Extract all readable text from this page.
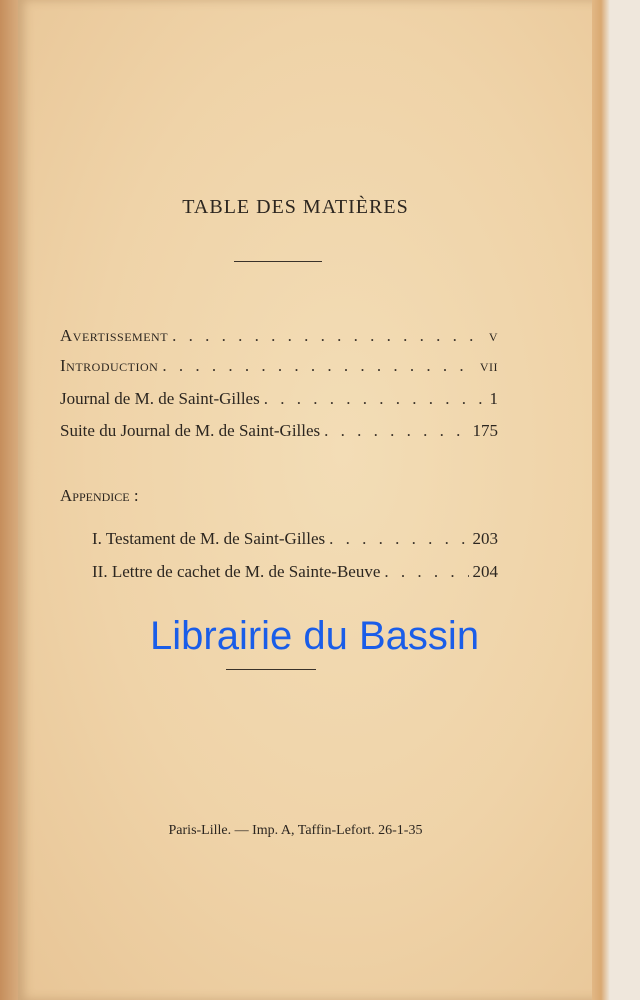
TABLE DES MATIÈRES
Avertissement . . .	v
Introduction . . .	vii
Journal de M. de Saint-Gilles . . .	1
Suite du Journal de M. de Saint-Gilles . . .	175
Appendice :
I. Testament de M. de Saint-Gilles . . .	203
II. Lettre de cachet de M. de Sainte-Beuve . . .	204
Librairie du Bassin
Paris-Lille. — Imp. A, Taffin-Lefort. 26-1-35
